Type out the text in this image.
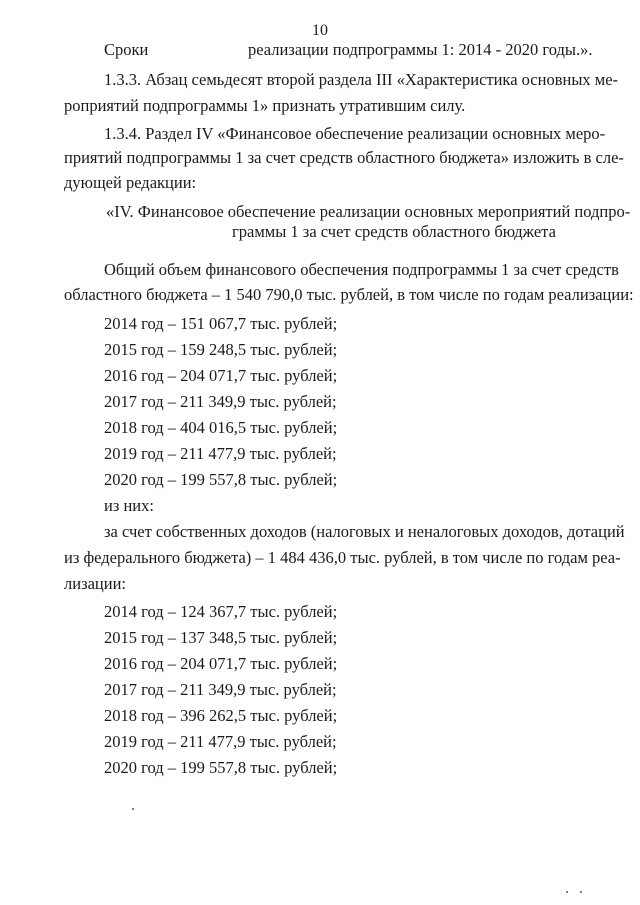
10
Сроки	реализации подпрограммы 1: 2014 - 2020 годы.».
1.3.3. Абзац семьдесят второй раздела III «Характеристика основных ме-
роприятий подпрограммы 1» признать утратившим силу.
1.3.4. Раздел IV «Финансовое обеспечение реализации основных меро-
приятий подпрограммы 1 за счет средств областного бюджета» изложить в сле-
дующей редакции:
«IV. Финансовое обеспечение реализации основных мероприятий подпро-
граммы 1 за счет средств областного бюджета
Общий объем финансового обеспечения подпрограммы 1 за счет средств
областного бюджета – 1 540 790,0 тыс. рублей, в том числе по годам реализации:
2014 год – 151 067,7 тыс. рублей;
2015 год – 159 248,5 тыс. рублей;
2016 год – 204 071,7 тыс. рублей;
2017 год – 211 349,9 тыс. рублей;
2018 год – 404 016,5 тыс. рублей;
2019 год – 211 477,9 тыс. рублей;
2020 год – 199 557,8 тыс. рублей;
из них:
за счет собственных доходов (налоговых и неналоговых доходов, дотаций
из федерального бюджета) – 1 484 436,0 тыс. рублей, в том числе по годам реа-
лизации:
2014 год – 124 367,7 тыс. рублей;
2015 год – 137 348,5 тыс. рублей;
2016 год – 204 071,7 тыс. рублей;
2017 год – 211 349,9 тыс. рублей;
2018 год – 396 262,5 тыс. рублей;
2019 год – 211 477,9 тыс. рублей;
2020 год – 199 557,8 тыс. рублей;
